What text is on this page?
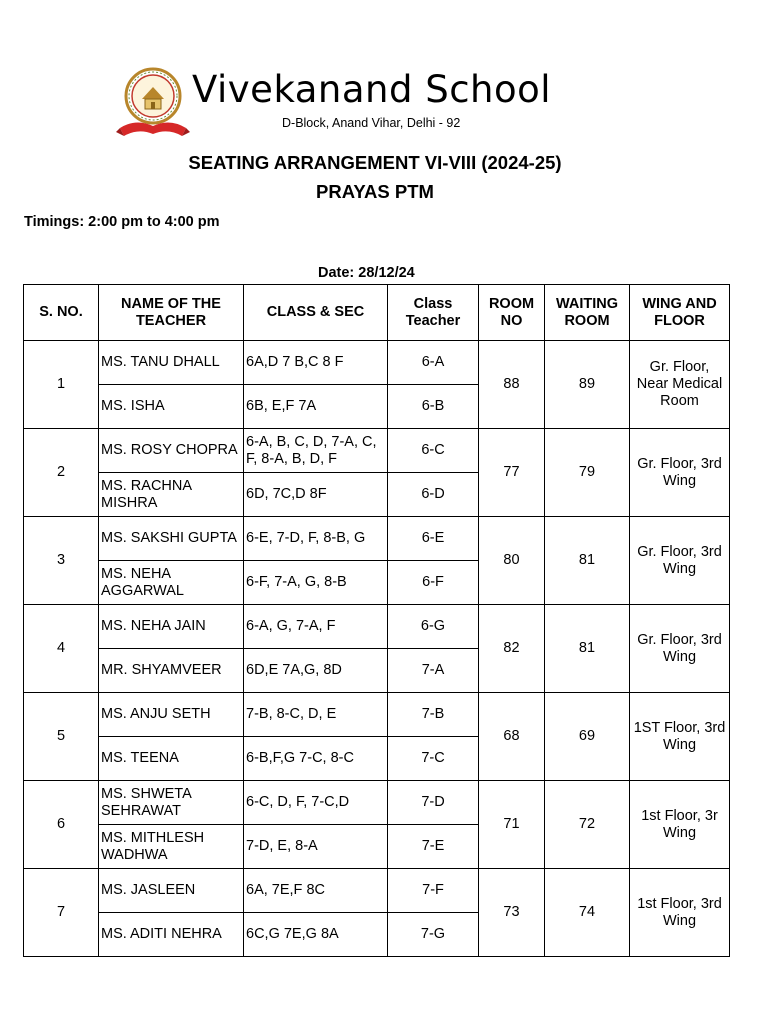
Vivekanand School
D-Block, Anand Vihar, Delhi - 92
SEATING ARRANGEMENT VI-VIII (2024-25)
PRAYAS PTM
Timings: 2:00 pm to 4:00 pm
Date: 28/12/24
S. NO.	NAME OF THE TEACHER	CLASS & SEC	Class Teacher	ROOM NO	WAITING ROOM	WING AND FLOOR
1	MS. TANU DHALL	6A,D 7 B,C 8 F	6-A	88	89	Gr. Floor, Near Medical Room
	MS. ISHA	6B, E,F 7A	6-B			
2	MS. ROSY CHOPRA	6-A, B, C, D, 7-A, C, F, 8-A, B, D, F	6-C	77	79	Gr. Floor, 3rd Wing
	MS. RACHNA MISHRA	6D, 7C,D 8F	6-D			
3	MS. SAKSHI GUPTA	6-E, 7-D, F, 8-B, G	6-E	80	81	Gr. Floor, 3rd Wing
	MS. NEHA AGGARWAL	6-F, 7-A, G, 8-B	6-F			
4	MS. NEHA JAIN	6-A, G, 7-A, F	6-G	82	81	Gr. Floor, 3rd Wing
	MR. SHYAMVEER	6D,E 7A,G, 8D	7-A			
5	MS. ANJU SETH	7-B, 8-C, D, E	7-B	68	69	1ST Floor, 3rd Wing
	MS. TEENA	6-B,F,G 7-C, 8-C	7-C			
6	MS. SHWETA SEHRAWAT	6-C, D, F, 7-C,D	7-D	71	72	1st Floor, 3r Wing
	MS. MITHLESH WADHWA	7-D, E, 8-A	7-E			
7	MS. JASLEEN	6A, 7E,F 8C	7-F	73	74	1st Floor, 3rd Wing
	MS. ADITI NEHRA	6C,G 7E,G 8A	7-G			
